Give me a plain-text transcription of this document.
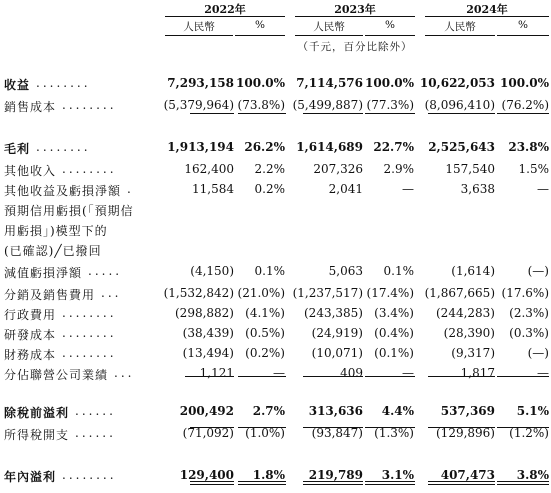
2022年	2023年	2024年
人民幣	%	人民幣	%	人民幣	%
（千元，百分比除外）
收益 ........	7,293,158 100.0% 7,114,576 100.0% 10,622,053 100.0%
銷售成本 ........	(5,379,964) (73.8%) (5,499,887) (77.3%) (8,096,410) (76.2%)
毛利 ........	1,913,194 26.2% 1,614,689 22.7%	2,525,643	23.8%
其他收入 ........	162,400	2.2%	207,326	2.9%	157,540	1.5%
其他收益及虧損淨額 .	11,584	0.2%	2,041	—	3,638	—
預期信用虧損(「預期信
用虧損」)模型下的
(已確認)╱已撥回
減值虧損淨額 .....	(4,150)	0.1%	5,063	0.1%	(1,614)	(—)
分銷及銷售費用 ...	(1,532,842) (21.0%) (1,237,517) (17.4%) (1,867,665) (17.6%)
行政費用 ........	(298,882) (4.1%)	(243,385) (3.4%)	(244,283)	(2.3%)
研發成本 ........	(38,439) (0.5%)	(24,919) (0.4%)	(28,390)	(0.3%)
財務成本 ........	(13,494) (0.2%)	(10,071) (0.1%)	(9,317)	(—)
分佔聯營公司業績 ...	1,121	—	409	—	1,817	—
除稅前溢利 ......	200,492	2.7%	313,636	4.4%	537,369	5.1%
所得稅開支 ......	(71,092) (1.0%)	(93,847) (1.3%)	(129,896)	(1.2%)
年內溢利 ........	129,400	1.8%	219,789	3.1%	407,473	3.8%
